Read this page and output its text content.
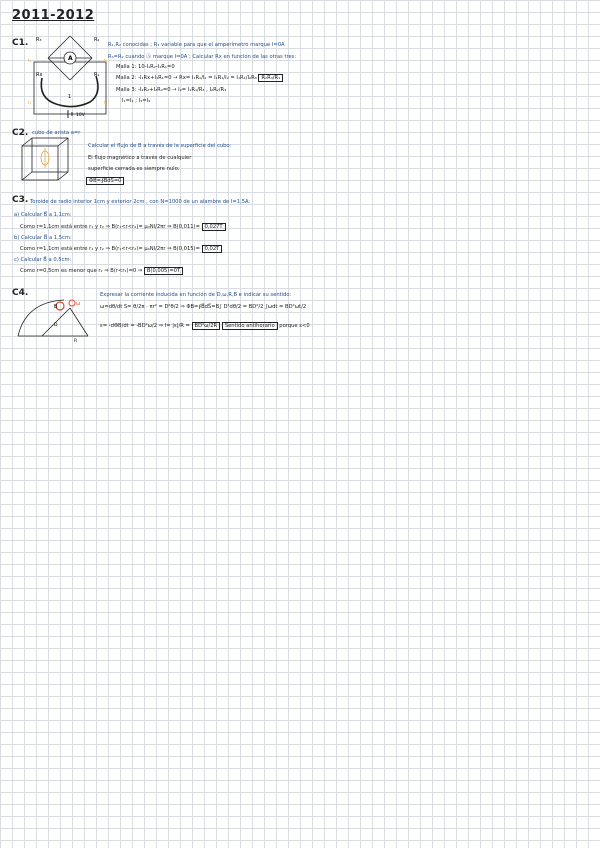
2011-2012
C1. R₃	R₂
Rx	R₁
A
I₁	I₂
I₃	I₄
10V
1
R₁,R₂ conocidas ; R₃ variable para que el amperímetro marque I=0A
R₃=R₂ cuando Ⓐ marque I=0A ; Calcular Rx en función de las otras tres:
Malla 1: 10-I₁R₂-I₁R₁=0
Malla 2: -I₁Rx+I₁R₁=0 → Rx= I₁R₁/I₁ = I₁R₁/I₂ = I₁R₁/I₂R₃ R₂R₃/R₁
Malla 3: -I₂R₂+I₂R₃=0 → I₂= I₁R₁/R₃ , I₂R₂/R₃
I₁=I₂ ; I₃=I₄
C2. cubo de arista a=r
Calcular el flujo de B a través de la superficie del cubo:
El flujo magnético a través de cualquier
superficie cerrada es siempre nulo:
ΦB=∮B⃗dS⃗=0
C3. Toroide de radio interior 1cm y exterior 2cm , con N=1000 de un alambre de I=1,5A:
a) Calcular B⃗ a 1,1cm:
Como r=1,1cm está entre r₁ y r₂ ⇒ B(r₁<r<r₂)= μ₀NI/2πr ⇒ B(0,011)= 0,027T
b) Calcular B⃗ a 1,5cm:
Como r=1,1cm está entre r₁ y r₂ ⇒ B(r₁<r<r₂)= μ₀NI/2πr ⇒ B(0,015)= 0,02T
c) Calcular B⃗ a 0,5cm:
Como r=0,5cm es menor que r₁ ⇒ B(r<r₁)=0 ⇒ B(0,005)=0T
C4.	Expresar la corriente inducida en función de D,ω,R,B e indicar su sentido:
B	ω
D
R
ω=dθ/dt S= θ/2π · πr² = D²θ/2 ⇒ ΦB=∮B⃗dS⃗=B∫ D²dθ/2 = BD²/2 ∫ωdt = BD²ωt/2
ε= -dΦB/dt = -BD²ω/2 ⇒ I= |ε|/R = BD²ω/2R Sentido antihorario porque ε<0
